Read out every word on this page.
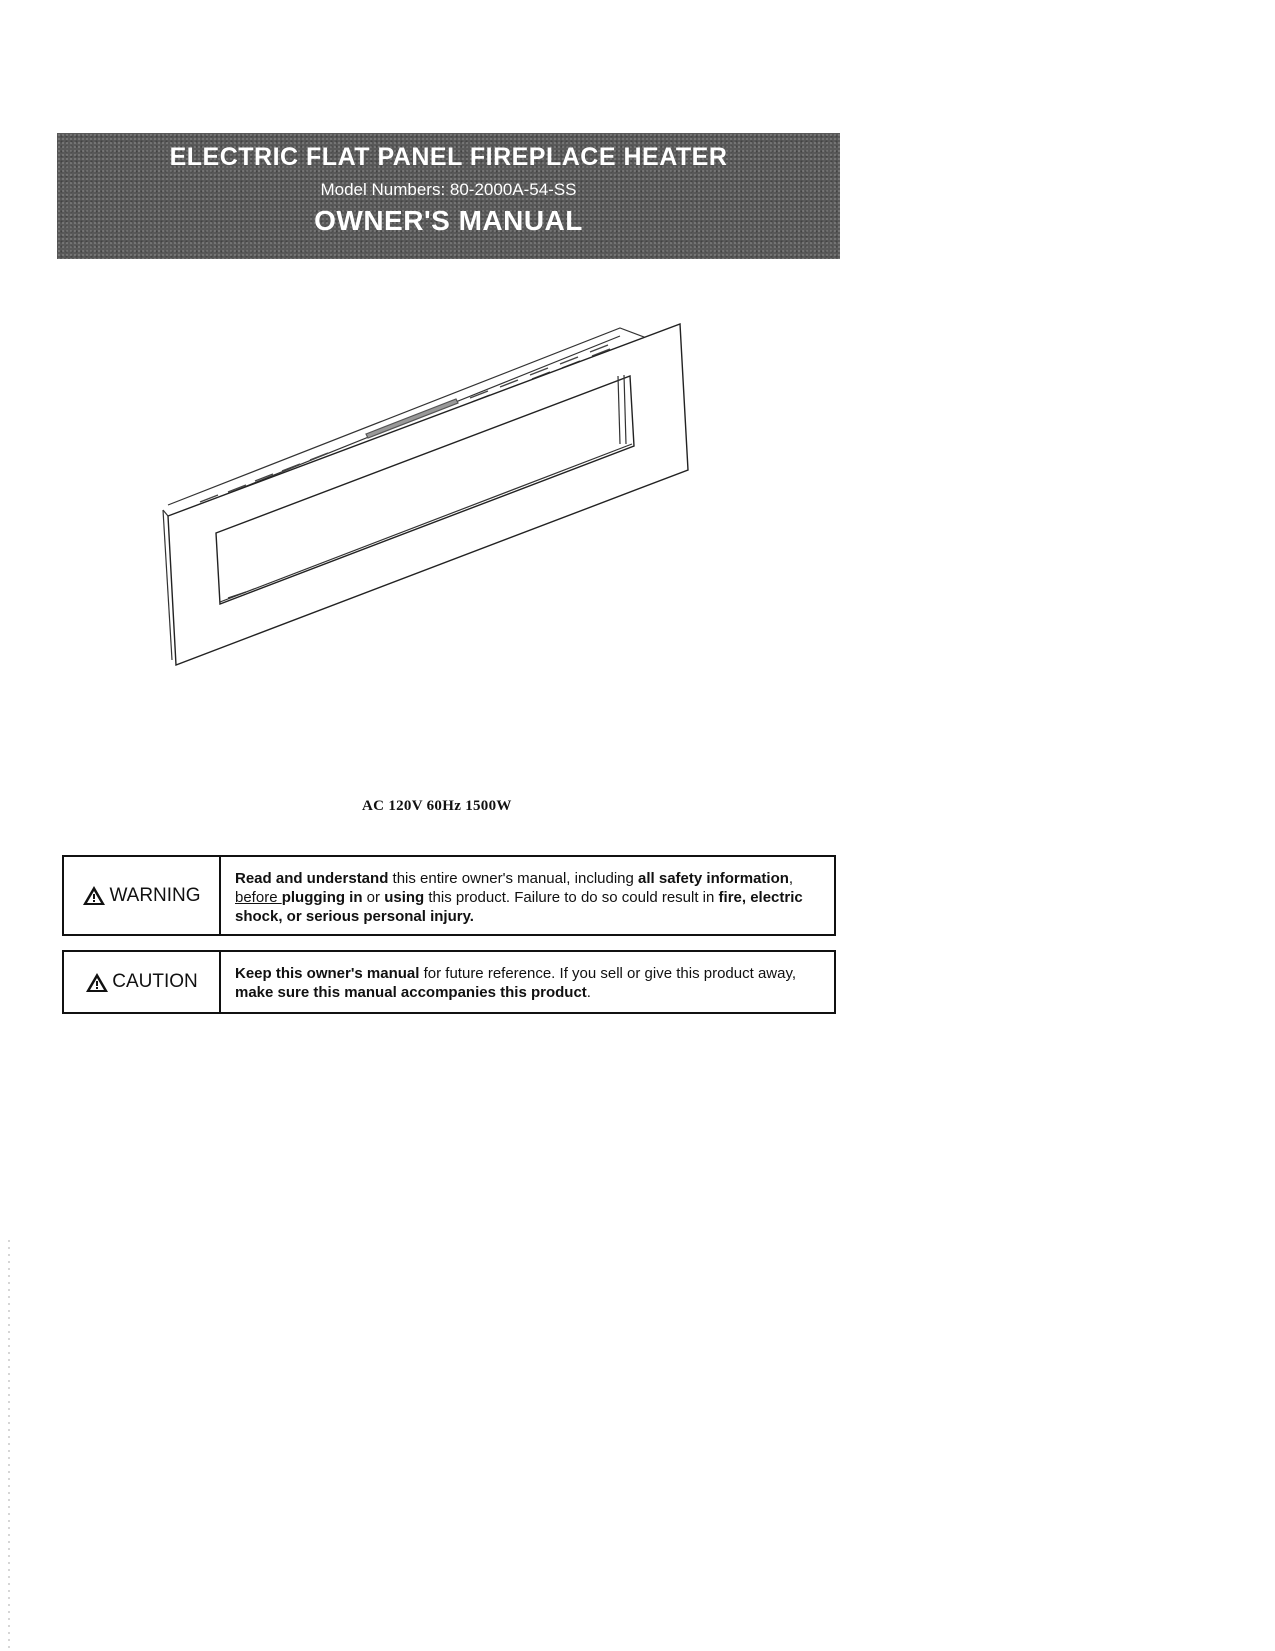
ELECTRIC FLAT PANEL FIREPLACE HEATER
Model Numbers: 80-2000A-54-SS
OWNER'S MANUAL
AC 120V 60Hz 1500W
WARNING
Read and understand this entire owner's manual, including all safety information, before plugging in or using this product. Failure to do so could result in fire, electric shock, or serious personal injury.
CAUTION	Keep this owner's manual for future reference. If you sell or give this product away, make sure this manual accompanies this product.
